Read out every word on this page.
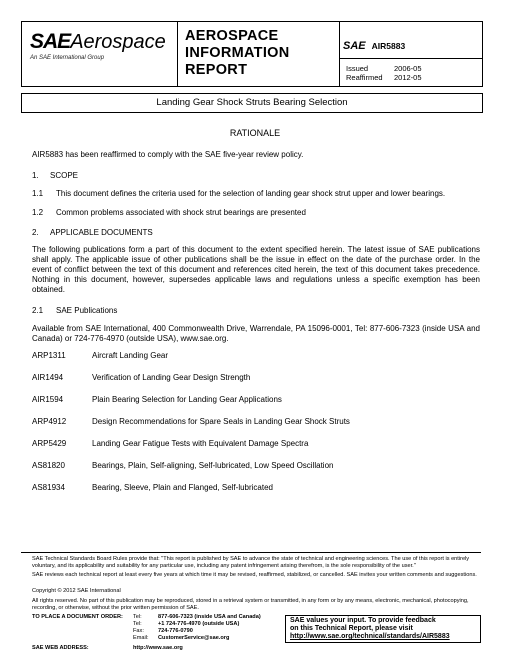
SAEAerospace
An SAE International Group
AEROSPACE
INFORMATION
REPORT
SAE AIR5883
Issued	2006-05
Reaffirmed 2012-05
Landing Gear Shock Struts Bearing Selection
RATIONALE
AIR5883 has been reaffirmed to comply with the SAE five-year review policy.
1. SCOPE
1.1 This document defines the criteria used for the selection of landing gear shock strut upper and lower bearings.
1.2 Common problems associated with shock strut bearings are presented
2. APPLICABLE DOCUMENTS
The following publications form a part of this document to the extent specified herein. The latest issue of SAE publications shall apply. The applicable issue of other publications shall be the issue in effect on the date of the purchase order. In the event of conflict between the text of this document and references cited herein, the text of this document takes precedence. Nothing in this document, however, supersedes applicable laws and regulations unless a specific exemption has been obtained.
2.1 SAE Publications
Available from SAE International, 400 Commonwealth Drive, Warrendale, PA 15096-0001, Tel: 877-606-7323 (inside USA and Canada) or 724-776-4970 (outside USA), www.sae.org.
ARP1311	Aircraft Landing Gear
AIR1494	Verification of Landing Gear Design Strength
AIR1594	Plain Bearing Selection for Landing Gear Applications
ARP4912	Design Recommendations for Spare Seals in Landing Gear Shock Struts
ARP5429	Landing Gear Fatigue Tests with Equivalent Damage Spectra
AS81820	Bearings, Plain, Self-aligning, Self-lubricated, Low Speed Oscillation
AS81934	Bearing, Sleeve, Plain and Flanged, Self-lubricated
SAE Technical Standards Board Rules provide that: "This report is published by SAE to advance the state of technical and engineering sciences. The use of this report is entirely voluntary, and its applicability and suitability for any particular use, including any patent infringement arising therefrom, is the sole responsibility of the user."
SAE reviews each technical report at least every five years at which time it may be revised, reaffirmed, stabilized, or cancelled. SAE invites your written comments and suggestions.
Copyright © 2012 SAE International
All rights reserved. No part of this publication may be reproduced, stored in a retrieval system or transmitted, in any form or by any means, electronic, mechanical, photocopying, recording, or otherwise, without the prior written permission of SAE.
TO PLACE A DOCUMENT ORDER: Tel:	877-606-7323 (inside USA and Canada)
Tel:	+1 724-776-4970 (outside USA)
Fax:	724-776-0790
Email: CustomerService@sae.org
SAE WEB ADDRESS:	http://www.sae.org
SAE values your input. To provide feedback
on this Technical Report, please visit
http://www.sae.org/technical/standards/AIR5883
